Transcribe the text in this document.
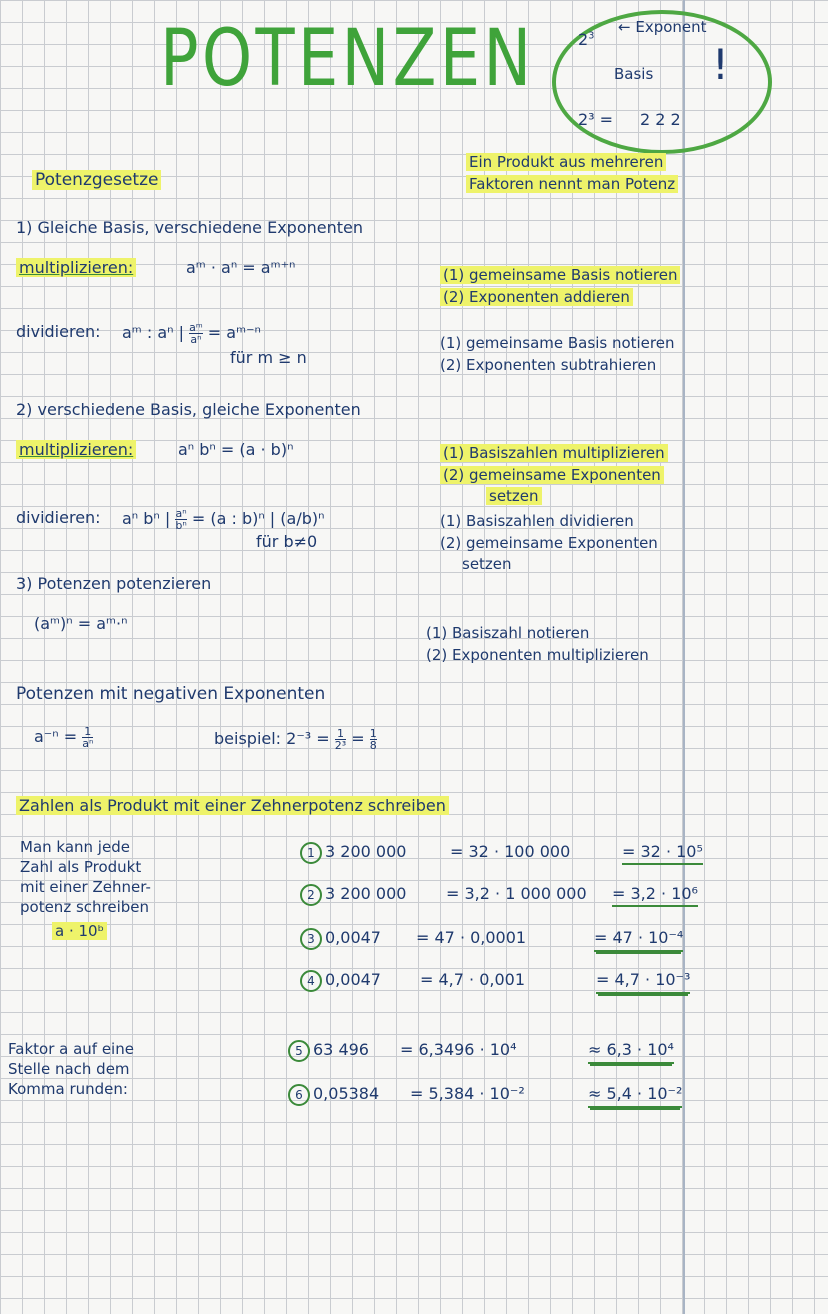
POTENZEN	$2^3$
← Exponent
Basis
2³ = 2 2 2
!
Ein Produkt aus mehreren
Faktoren nennt man Potenz
Potenzgesetze
1) Gleiche Basis, verschiedene Exponenten
multiplizieren:	aᵐ · aⁿ = aᵐ⁺ⁿ	(1) gemeinsame Basis notieren
(2) Exponenten addieren
dividieren: aᵐ : aⁿ | $\frac{\text{aᵐ}}{\text{aⁿ}}$ = aᵐ⁻ⁿ
für m ≥ n
(1) gemeinsame Basis notieren
(2) Exponenten subtrahieren
2) verschiedene Basis, gleiche Exponenten
multiplizieren:	aⁿ bⁿ = (a · b)ⁿ	(1) Basiszahlen multiplizieren
(2) gemeinsame Exponenten
setzen
dividieren: aⁿ bⁿ | $\frac{\text{aⁿ}}{\text{bⁿ}} = (a$ : b)ⁿ | (a/b)ⁿ
für b≠0
(1) Basiszahlen dividieren
(2) gemeinsame Exponenten
setzen
3) Potenzen potenzieren
(aᵐ)ⁿ = aᵐ·ⁿ	(1) Basiszahl notieren
(2) Exponenten multiplizieren
Potenzen mit negativen Exponenten
$a^{-n} = \frac{1}{\text{aⁿ}}$	beispiel: $2^{-3} = \frac{1}{\text{2³}} = \frac{1}{8}$
Zahlen als Produkt mit einer Zehnerpotenz schreiben
Man kann jede
Zahl als Produkt
mit einer Zehner-
potenz schreiben
a · 10ᵇ
1 3 200 000	= 32 · 100 000	= 32 · 10⁵
2 3 200 000 = 3,2 · 1 000 000 = 3,2 · 10⁶
3 0,0047 = 47 · 0,0001	= 47 · 10⁻⁴
4 0,0047 = 4,7 · 0,001	= 4,7 · 10⁻³
Faktor a auf eine
Stelle nach dem
Komma runden:
5 63 496 = 6,3496 · 10⁴	≈ 6,3 · 10⁴
6 0,05384 = 5,384 · 10⁻²	≈ 5,4 · 10⁻²
